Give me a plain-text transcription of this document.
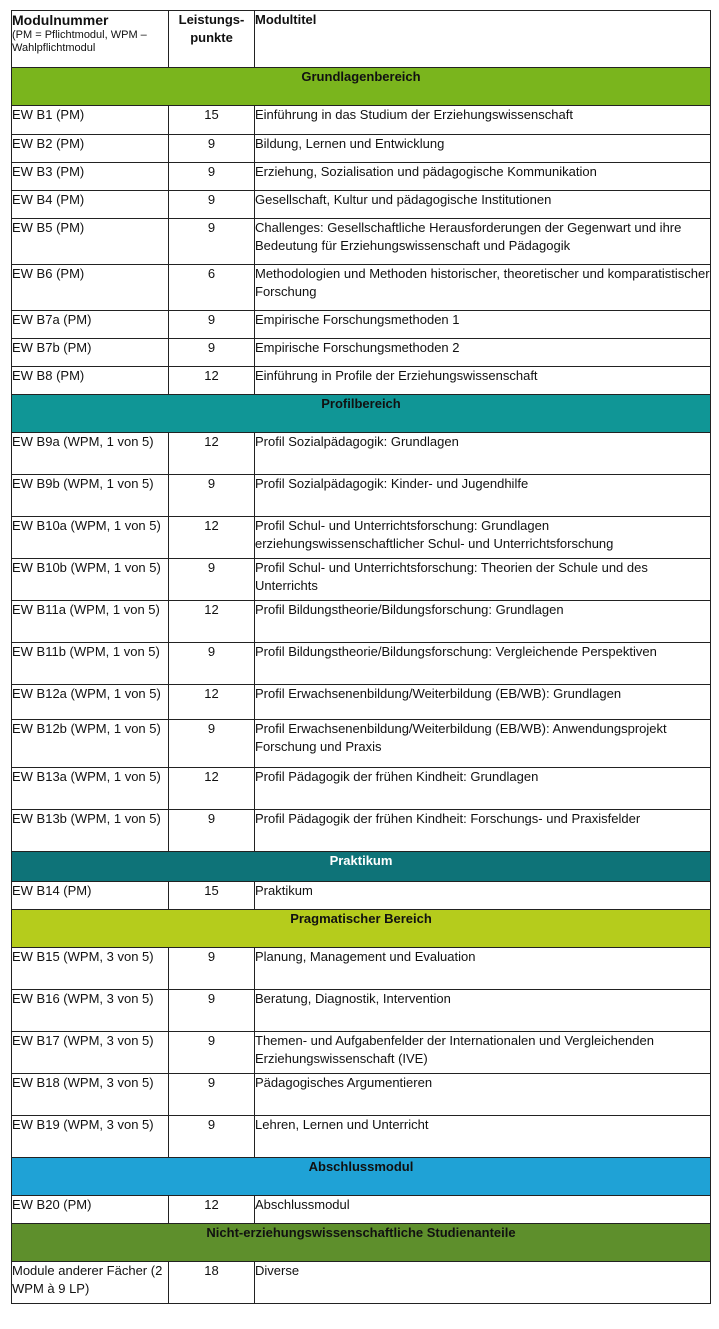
Modulnummer
(PM = Pflichtmodul, WPM – Wahlpflichtmodul	Leistungs-punkte	Modultitel
Grundlagenbereich		
EW B1 (PM)	15	Einführung in das Studium der Erziehungswissenschaft
EW B2 (PM)	9	Bildung, Lernen und Entwicklung
EW B3 (PM)	9	Erziehung, Sozialisation und pädagogische Kommunikation
EW B4 (PM)	9	Gesellschaft, Kultur und pädagogische Institutionen
EW B5 (PM)	9	Challenges: Gesellschaftliche Herausforderungen der Gegenwart und ihre Bedeutung für Erziehungswissenschaft und Pädagogik
EW B6 (PM)	6	Methodologien und Methoden historischer, theoretischer und komparatistischer Forschung
EW B7a (PM)	9	Empirische Forschungsmethoden 1
EW B7b (PM)	9	Empirische Forschungsmethoden 2
EW B8 (PM)	12	Einführung in Profile der Erziehungswissenschaft
Profilbereich		
EW B9a (WPM, 1 von 5)	12	Profil Sozialpädagogik: Grundlagen
EW B9b (WPM, 1 von 5)	9	Profil Sozialpädagogik: Kinder- und Jugendhilfe
EW B10a (WPM, 1 von 5)	12	Profil Schul- und Unterrichtsforschung: Grundlagen erziehungswissenschaftlicher Schul- und Unterrichtsforschung
EW B10b (WPM, 1 von 5)	9	Profil Schul- und Unterrichtsforschung: Theorien der Schule und des Unterrichts
EW B11a (WPM, 1 von 5)	12	Profil Bildungstheorie/Bildungsforschung: Grundlagen
EW B11b (WPM, 1 von 5)	9	Profil Bildungstheorie/Bildungsforschung: Vergleichende Perspektiven
EW B12a (WPM, 1 von 5)	12	Profil Erwachsenenbildung/Weiterbildung (EB/WB): Grundlagen
EW B12b (WPM, 1 von 5)	9	Profil Erwachsenenbildung/Weiterbildung (EB/WB): Anwendungsprojekt Forschung und Praxis
EW B13a (WPM, 1 von 5)	12	Profil Pädagogik der frühen Kindheit: Grundlagen
EW B13b (WPM, 1 von 5)	9	Profil Pädagogik der frühen Kindheit: Forschungs- und Praxisfelder
Praktikum		
EW B14 (PM)	15	Praktikum
Pragmatischer Bereich		
EW B15 (WPM, 3 von 5)	9	Planung, Management und Evaluation
EW B16 (WPM, 3 von 5)	9	Beratung, Diagnostik, Intervention
EW B17 (WPM, 3 von 5)	9	Themen- und Aufgabenfelder der Internationalen und Vergleichenden Erziehungswissenschaft (IVE)
EW B18 (WPM, 3 von 5)	9	Pädagogisches Argumentieren
EW B19 (WPM, 3 von 5)	9	Lehren, Lernen und Unterricht
Abschlussmodul		
EW B20 (PM)	12	Abschlussmodul
Nicht-erziehungswissenschaftliche Studienanteile		
Module anderer Fächer (2 WPM à 9 LP)	18	Diverse
